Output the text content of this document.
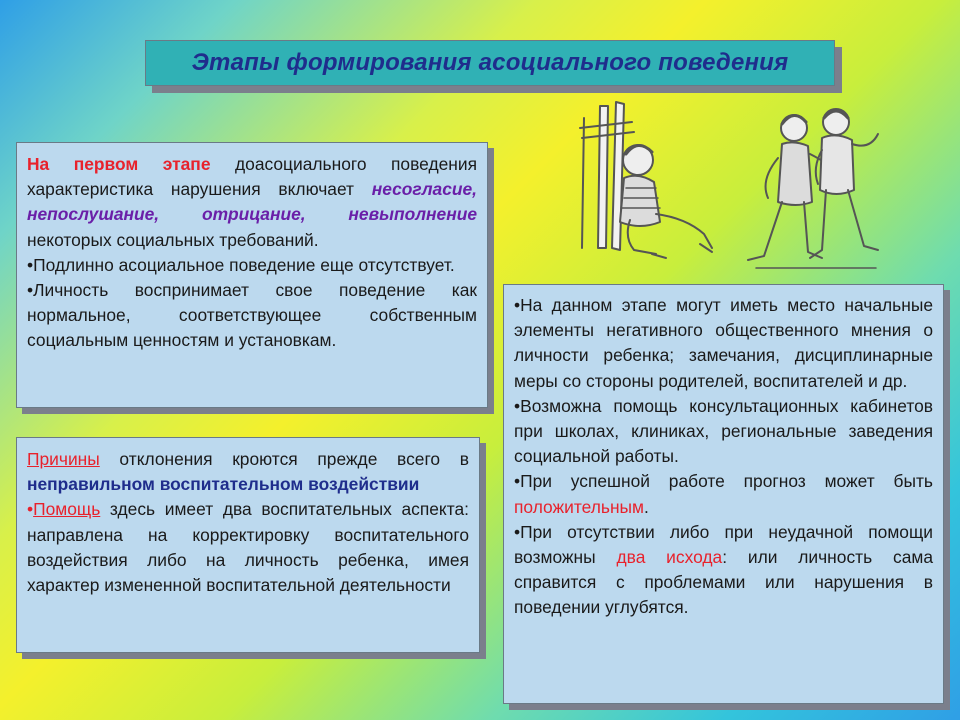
Этапы формирования асоциального поведения

На первом этапе доасоциального поведения характеристика нарушения включает несогласие, непослушание, отрицание, невыполнение некоторых социальных требований.

•Подлинно асоциальное поведение еще отсутствует.

•Личность воспринимает свое поведение как нормальное, соответствующее собственным социальным ценностям и установкам.

Причины отклонения кроются прежде всего в неправильном воспитательном воздействии

•Помощь здесь имеет два воспитательных аспекта: направлена на корректировку воспитательного воздействия либо на личность ребенка, имея характер измененной воспитательной деятельности

•На данном этапе могут иметь место начальные элементы негативного общественного мнения о личности ребенка; замечания, дисциплинарные меры со стороны родителей, воспитателей и др.

•Возможна помощь консультационных кабинетов при школах, клиниках, региональные заведения социальной работы.

•При успешной работе прогноз может быть положительным.

•При отсутствии либо при неудачной помощи возможны два исхода: или личность сама справится с проблемами или нарушения в поведении углубятся.
